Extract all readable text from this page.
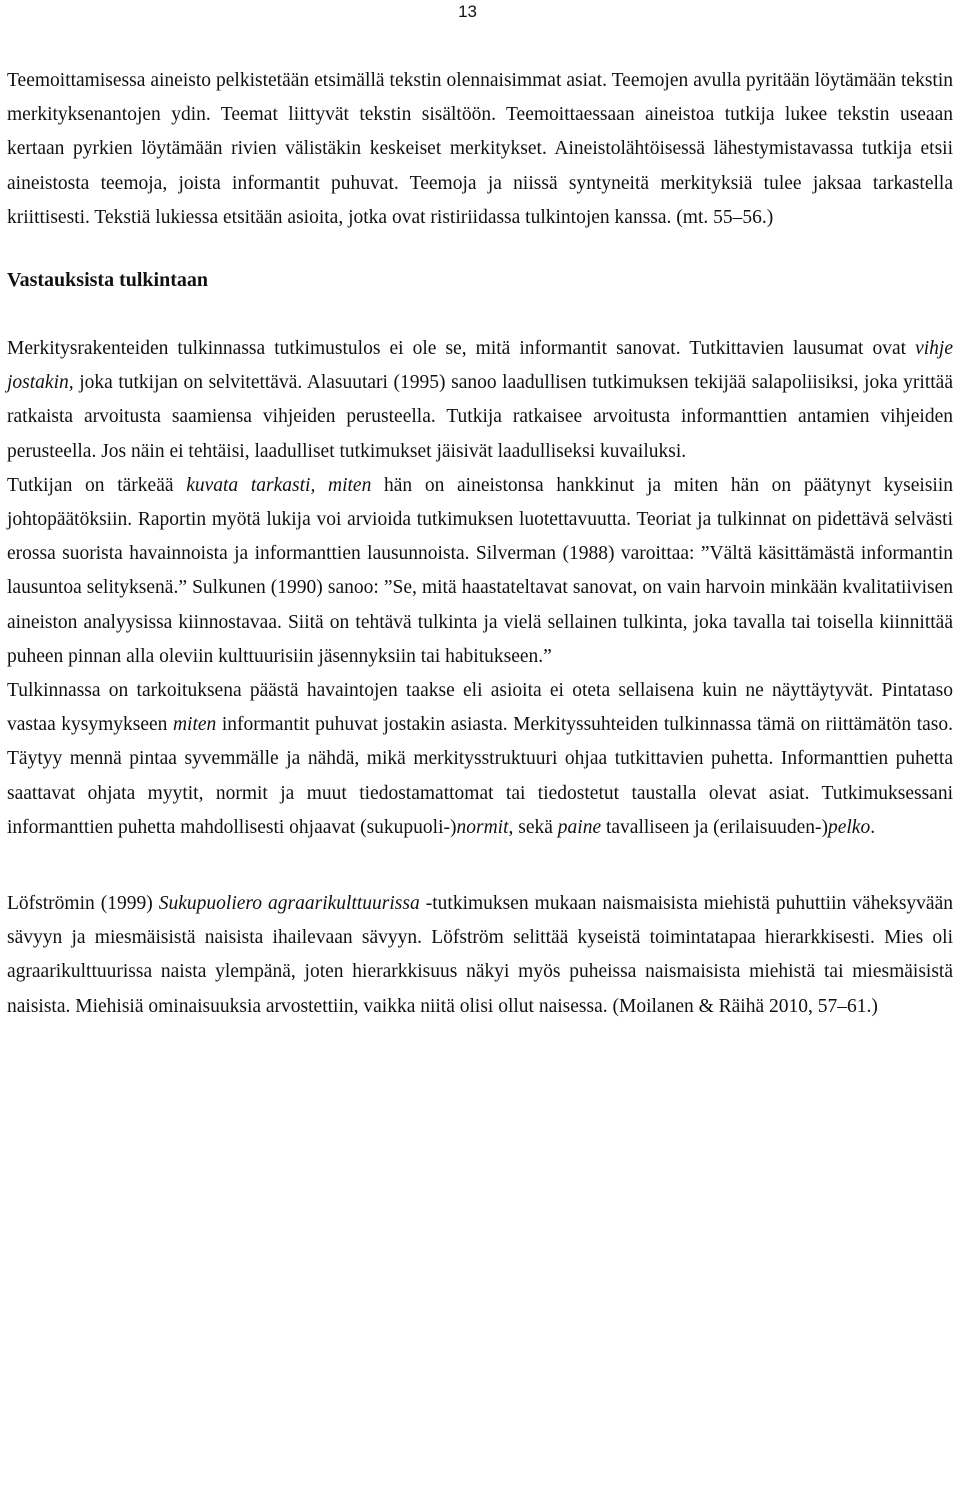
13

Teemoittamisessa aineisto pelkistetään etsimällä tekstin olennaisimmat asiat. Teemojen avulla pyritään löytämään tekstin merkityksenantojen ydin. Teemat liittyvät tekstin sisältöön. Teemoittaessaan aineistoa tutkija lukee tekstin useaan kertaan pyrkien löytämään rivien välistäkin keskeiset merkitykset. Aineistolähtöisessä lähestymistavassa tutkija etsii aineistosta teemoja, joista informantit puhuvat. Teemoja ja niissä syntyneitä merkityksiä tulee jaksaa tarkastella kriittisesti. Tekstiä lukiessa etsitään asioita, jotka ovat ristiriidassa tulkintojen kanssa. (mt. 55–56.)

Vastauksista tulkintaan

Merkitysrakenteiden tulkinnassa tutkimustulos ei ole se, mitä informantit sanovat. Tutkittavien lausumat ovat vihje jostakin, joka tutkijan on selvitettävä. Alasuutari (1995) sanoo laadullisen tutkimuksen tekijää salapoliisiksi, joka yrittää ratkaista arvoitusta saamiensa vihjeiden perusteella. Tutkija ratkaisee arvoitusta informanttien antamien vihjeiden perusteella. Jos näin ei tehtäisi, laadulliset tutkimukset jäisivät laadulliseksi kuvailuksi.

Tutkijan on tärkeää kuvata tarkasti, miten hän on aineistonsa hankkinut ja miten hän on päätynyt kyseisiin johtopäätöksiin. Raportin myötä lukija voi arvioida tutkimuksen luotettavuutta. Teoriat ja tulkinnat on pidettävä selvästi erossa suorista havainnoista ja informanttien lausunnoista. Silverman (1988) varoittaa: ”Vältä käsittämästä informantin lausuntoa selityksenä.” Sulkunen (1990) sanoo: ”Se, mitä haastateltavat sanovat, on vain harvoin minkään kvalitatiivisen aineiston analyysissa kiinnostavaa. Siitä on tehtävä tulkinta ja vielä sellainen tulkinta, joka tavalla tai toisella kiinnittää puheen pinnan alla oleviin kulttuurisiin jäsennyksiin tai habitukseen.”

Tulkinnassa on tarkoituksena päästä havaintojen taakse eli asioita ei oteta sellaisena kuin ne näyttäytyvät. Pintataso vastaa kysymykseen miten informantit puhuvat jostakin asiasta. Merkityssuhteiden tulkinnassa tämä on riittämätön taso. Täytyy mennä pintaa syvemmälle ja nähdä, mikä merkitysstruktuuri ohjaa tutkittavien puhetta. Informanttien puhetta saattavat ohjata myytit, normit ja muut tiedostamattomat tai tiedostetut taustalla olevat asiat. Tutkimuksessani informanttien puhetta mahdollisesti ohjaavat (sukupuoli-)normit, sekä paine tavalliseen ja (erilaisuuden-)pelko.

Löfströmin (1999) Sukupuoliero agraarikulttuurissa -tutkimuksen mukaan naismaisista miehistä puhuttiin väheksyvään sävyyn ja miesmäisistä naisista ihailevaan sävyyn. Löfström selittää kyseistä toimintatapaa hierarkkisesti. Mies oli agraarikulttuurissa naista ylempänä, joten hierarkkisuus näkyi myös puheissa naismaisista miehistä tai miesmäisistä naisista. Miehisiä ominaisuuksia arvostettiin, vaikka niitä olisi ollut naisessa. (Moilanen & Räihä 2010, 57–61.)
